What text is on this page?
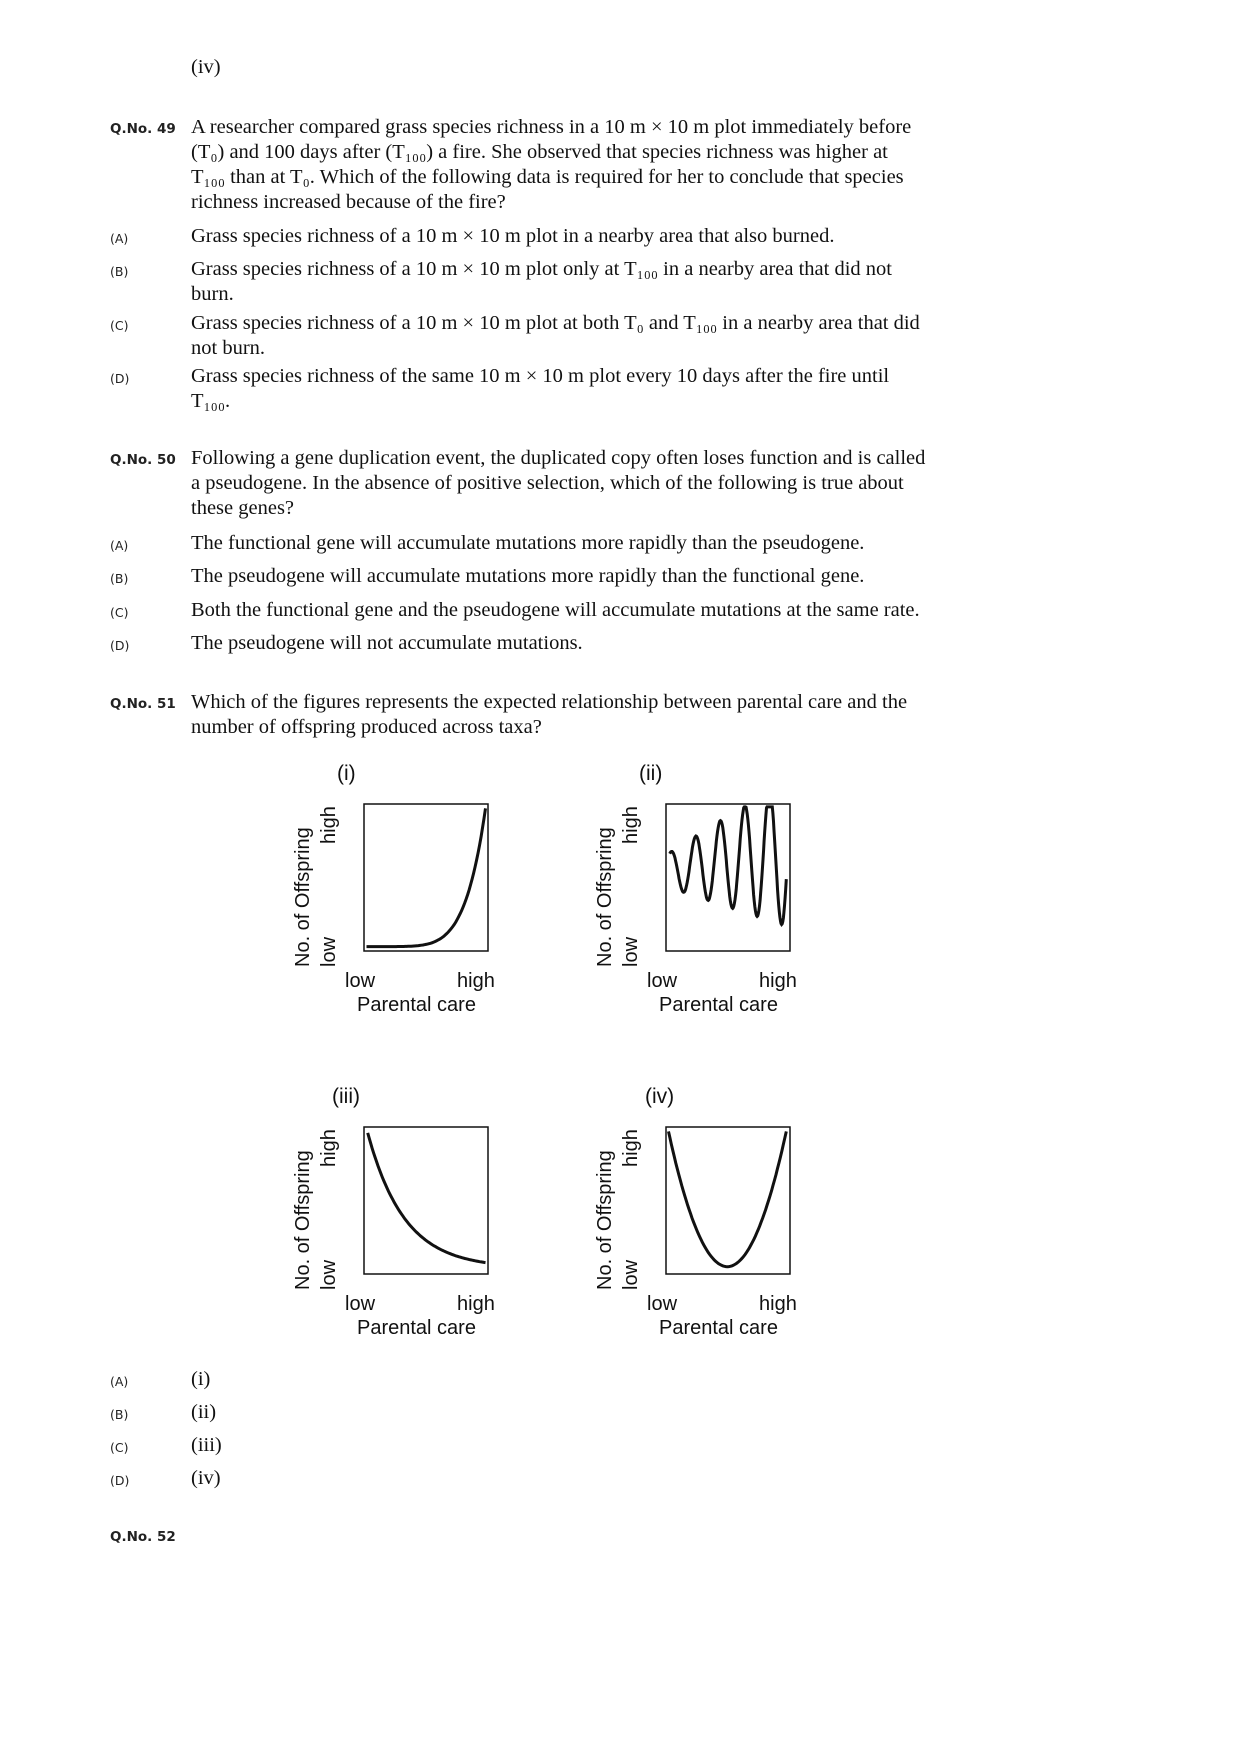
(iv)
Q.No. 49 A researcher compared grass species richness in a 10 m × 10 m plot immediately before (T₀) and 100 days after (T₁₀₀) a fire. She observed that species richness was higher at T₁₀₀ than at T₀. Which of the following data is required for her to conclude that species richness increased because of the fire?
(A)	Grass species richness of a 10 m × 10 m plot in a nearby area that also burned.
(B)	Grass species richness of a 10 m × 10 m plot only at T₁₀₀ in a nearby area that did not burn.
(C)	Grass species richness of a 10 m × 10 m plot at both T₀ and T₁₀₀ in a nearby area that did not burn.
(D)	Grass species richness of the same 10 m × 10 m plot every 10 days after the fire until T₁₀₀.
Q.No. 50 Following a gene duplication event, the duplicated copy often loses function and is called a pseudogene. In the absence of positive selection, which of the following is true about these genes?
(A)	The functional gene will accumulate mutations more rapidly than the pseudogene.
(B)	The pseudogene will accumulate mutations more rapidly than the functional gene.
(C)	Both the functional gene and the pseudogene will accumulate mutations at the same rate.
(D)	The pseudogene will not accumulate mutations.
Q.No. 51 Which of the figures represents the expected relationship between parental care and the number of offspring produced across taxa?
(i)
No. of Offspring low
high
low	high
Parental care
(ii)
No. of Offspring low
high
low	high
Parental care
(iii)
No. of Offspring low
high
low	high
Parental care
(iv)
No. of Offspring low
high
low	high
Parental care
(A)	(i)
(B)	(ii)
(C)	(iii)
(D)	(iv)
Q.No. 52
